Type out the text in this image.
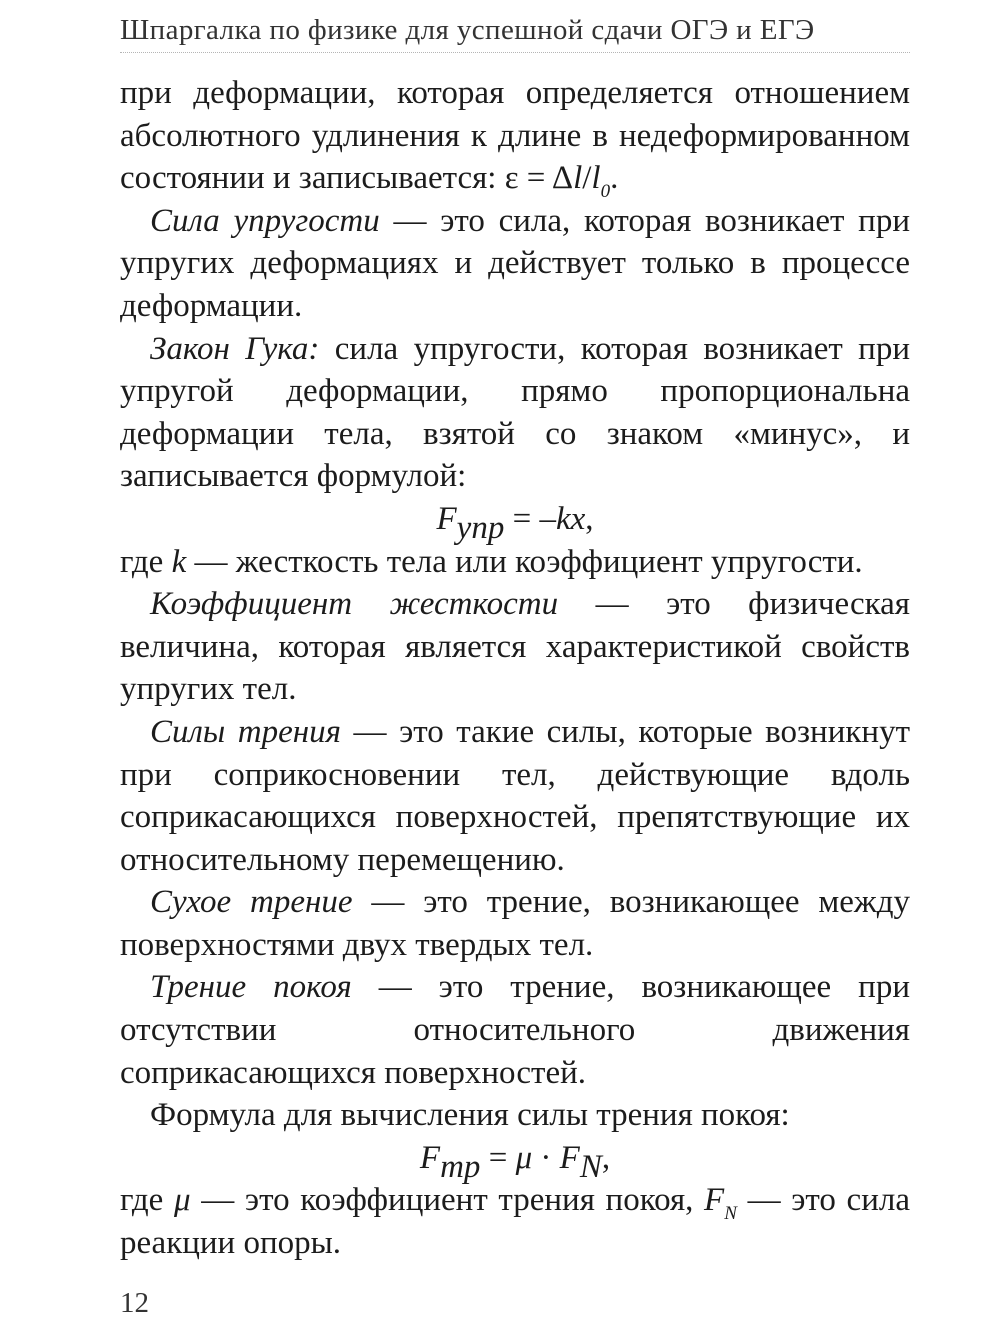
Шпаргалка по физике для успешной сдачи ОГЭ и ЕГЭ

при деформации, которая определяется отношением абсолютного удлинения к длине в недеформированном состоянии и записывается: $\varepsilon = \Delta l/l_0$.

Сила упругости — это сила, которая возникает при упругих деформациях и действует только в процессе деформации.

Закон Гука: сила упругости, которая возникает при упругой деформации, прямо пропорциональна деформации тела, взятой со знаком «минус», и записывается формулой:

$F_{упр} = -kx$,

где k — жесткость тела или коэффициент упругости.

Коэффициент жесткости — это физическая величина, которая является характеристикой свойств упругих тел.

Силы трения — это такие силы, которые возникнут при соприкосновении тел, действующие вдоль соприкасающихся поверхностей, препятствующие их относительному перемещению.

Сухое трение — это трение, возникающее между поверхностями двух твердых тел.

Трение покоя — это трение, возникающее при отсутствии относительного движения соприкасающихся поверхностей.

Формула для вычисления силы трения покоя:

$F_{тр} = \mu \cdot F_N$,

где μ — это коэффициент трения покоя, $F_N$ — это сила реакции опоры.

12
